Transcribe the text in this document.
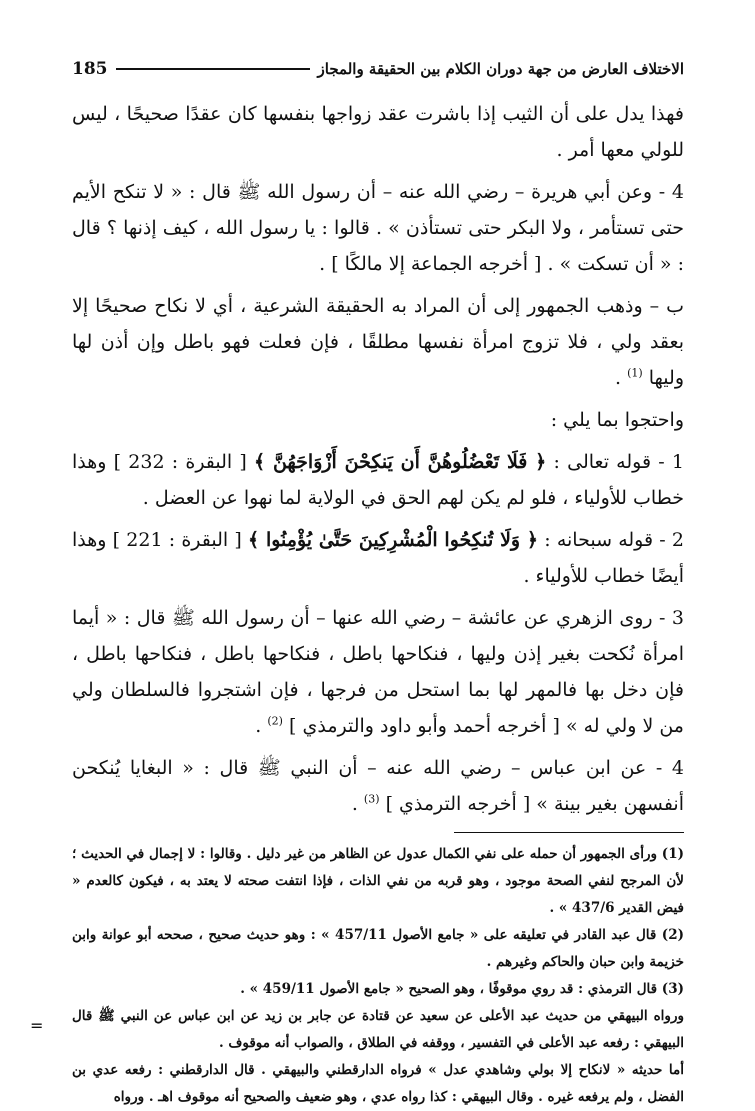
الاختلاف العارض من جهة دوران الكلام بين الحقيقة والمجاز
185

فهذا يدل على أن الثيب إذا باشرت عقد زواجها بنفسها كان عقدًا صحيحًا ، ليس للولي معها أمر .

4 - وعن أبي هريرة – رضي الله عنه – أن رسول الله ﷺ قال : « لا تنكح الأيم حتى تستأمر ، ولا البكر حتى تستأذن » . قالوا : يا رسول الله ، كيف إذنها ؟ قال : « أن تسكت » . [ أخرجه الجماعة إلا مالكًا ] .

ب – وذهب الجمهور إلى أن المراد به الحقيقة الشرعية ، أي لا نكاح صحيحًا إلا بعقد ولي ، فلا تزوج امرأة نفسها مطلقًا ، فإن فعلت فهو باطل وإن أذن لها وليها $^{(1)}$ .

واحتجوا بما يلي :

1 - قوله تعالى : ﴿ فَلَا تَعْضُلُوهُنَّ أَن يَنكِحْنَ أَزْوَاجَهُنَّ ﴾ [ البقرة : 232 ] وهذا خطاب للأولياء ، فلو لم يكن لهم الحق في الولاية لما نهوا عن العضل .

2 - قوله سبحانه : ﴿ وَلَا تُنكِحُوا الْمُشْرِكِينَ حَتَّىٰ يُؤْمِنُوا ﴾ [ البقرة : 221 ] وهذا أيضًا خطاب للأولياء .

3 - روى الزهري عن عائشة – رضي الله عنها – أن رسول الله ﷺ قال : « أيما امرأة نُكحت بغير إذن وليها ، فنكاحها باطل ، فنكاحها باطل ، فنكاحها باطل ، فإن دخل بها فالمهر لها بما استحل من فرجها ، فإن اشتجروا فالسلطان ولي من لا ولي له » [ أخرجه أحمد وأبو داود والترمذي ] $^{(2)}$ .

4 - عن ابن عباس – رضي الله عنه – أن النبي ﷺ قال : « البغايا يُنكحن أنفسهن بغير بينة » [ أخرجه الترمذي ] $^{(3)}$ .

(1) ورأى الجمهور أن حمله على نفي الكمال عدول عن الظاهر من غير دليل . وقالوا : لا إجمال في الحديث ؛ لأن المرجح لنفي الصحة موجود ، وهو قربه من نفي الذات ، فإذا انتفت صحته لا يعتد به ، فيكون كالعدم « فيض القدير 437/6 » .

(2) قال عبد القادر في تعليقه على « جامع الأصول 457/11 » : وهو حديث صحيح ، صححه أبو عوانة وابن خزيمة وابن حبان والحاكم وغيرهم .

(3) قال الترمذي : قد روي موقوفًا ، وهو الصحيح « جامع الأصول 459/11 » .

ورواه البيهقي من حديث عبد الأعلى عن سعيد عن قتادة عن جابر بن زيد عن ابن عباس عن النبي ﷺ قال البيهقي : رفعه عبد الأعلى في التفسير ، ووقفه في الطلاق ، والصواب أنه موقوف .

أما حديثه « لانكاح إلا بولي وشاهدي عدل » فرواه الدارقطني والبيهقي . قال الدارقطني : رفعه عدي بن الفضل ، ولم يرفعه غيره . وقال البيهقي : كذا رواه عدي ، وهو ضعيف والصحيح أنه موقوف اهـ . ورواه

=
